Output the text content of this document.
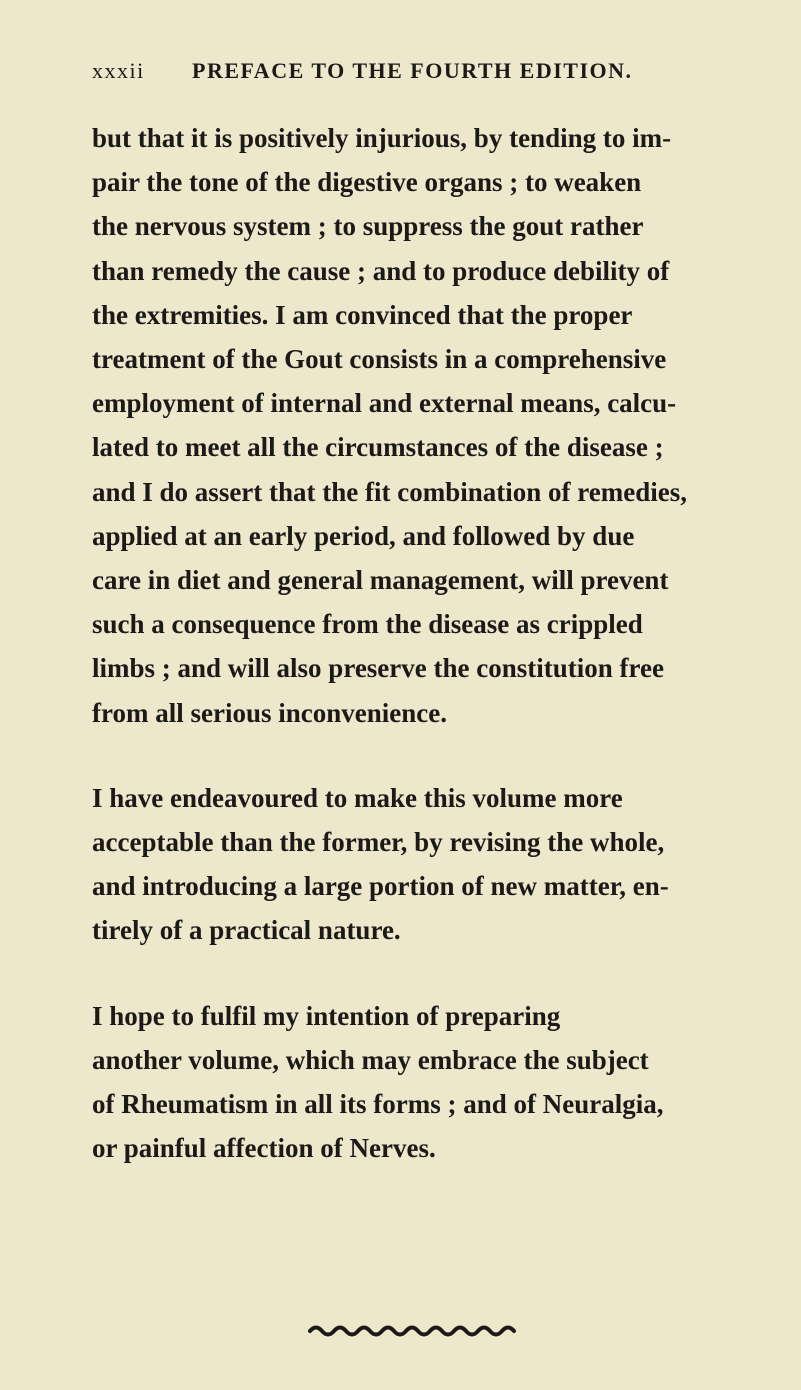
xxxii PREFACE TO THE FOURTH EDITION.

but that it is positively injurious, by tending to im-
pair the tone of the digestive organs ; to weaken
the nervous system ; to suppress the gout rather
than remedy the cause ; and to produce debility of
the extremities. I am convinced that the proper
treatment of the Gout consists in a comprehensive
employment of internal and external means, calcu-
lated to meet all the circumstances of the disease ;
and I do assert that the fit combination of remedies,
applied at an early period, and followed by due
care in diet and general management, will prevent
such a consequence from the disease as crippled
limbs ; and will also preserve the constitution free
from all serious inconvenience.

I have endeavoured to make this volume more
acceptable than the former, by revising the whole,
and introducing a large portion of new matter, en-
tirely of a practical nature.

I hope to fulfil my intention of preparing
another volume, which may embrace the subject
of Rheumatism in all its forms ; and of Neuralgia,
or painful affection of Nerves.
